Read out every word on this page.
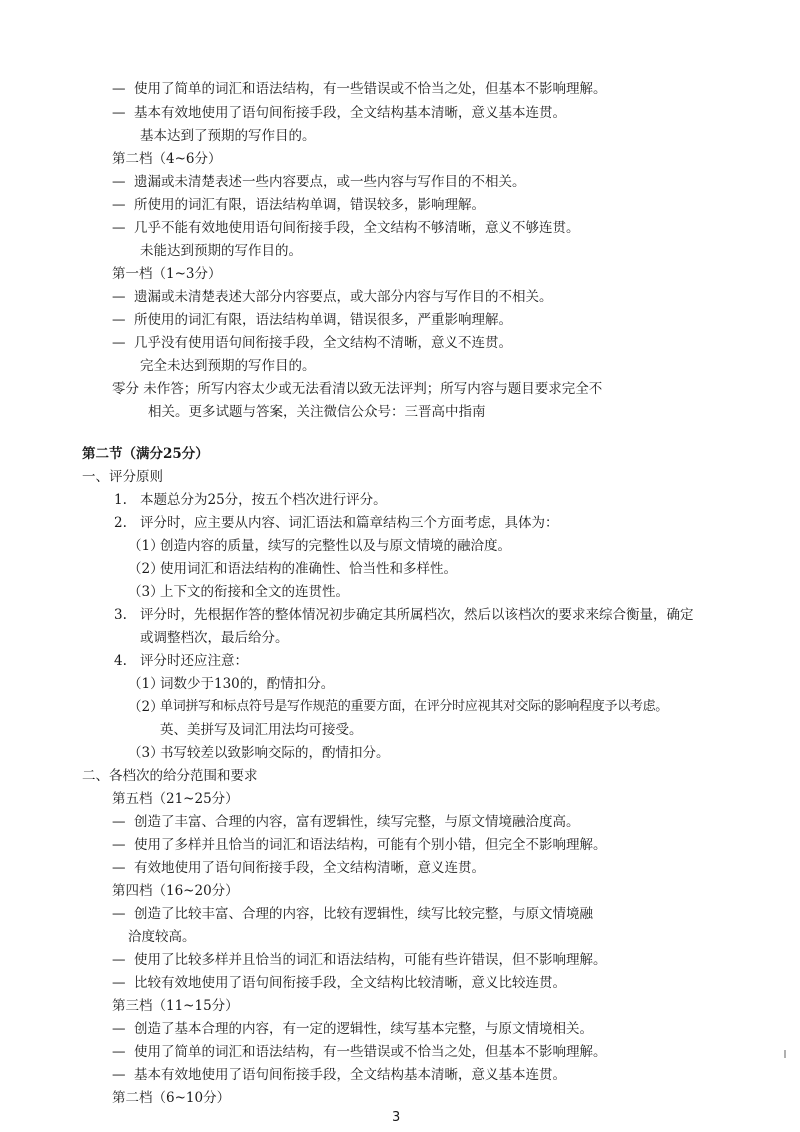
— 使用了简单的词汇和语法结构，有一些错误或不恰当之处，但基本不影响理解。
— 基本有效地使用了语句间衔接手段，全文结构基本清晰，意义基本连贯。
基本达到了预期的写作目的。
第二档（4~6分）
— 遗漏或未清楚表述一些内容要点，或一些内容与写作目的不相关。
— 所使用的词汇有限，语法结构单调，错误较多，影响理解。
— 几乎不能有效地使用语句间衔接手段，全文结构不够清晰，意义不够连贯。
未能达到预期的写作目的。
第一档（1~3分）
— 遗漏或未清楚表述大部分内容要点，或大部分内容与写作目的不相关。
— 所使用的词汇有限，语法结构单调，错误很多，严重影响理解。
— 几乎没有使用语句间衔接手段，全文结构不清晰，意义不连贯。
完全未达到预期的写作目的。
零分 未作答；所写内容太少或无法看清以致无法评判；所写内容与题目要求完全不
相关。更多试题与答案，关注微信公众号：三晋高中指南
第二节（满分25分）
一、评分原则
1. 本题总分为25分，按五个档次进行评分。
2. 评分时，应主要从内容、词汇语法和篇章结构三个方面考虑，具体为：
（1）
创造内容的质量，续写的完整性以及与原文情境的融洽度。
（2）
使用词汇和语法结构的准确性、恰当性和多样性。
（3）
上下文的衔接和全文的连贯性。
3. 评分时，先根据作答的整体情况初步确定其所属档次，然后以该档次的要求来综合衡量，确定
或调整档次，最后给分。
4. 评分时还应注意：
（1）
词数少于130的，酌情扣分。
（2）
单词拼写和标点符号是写作规范的重要方面，在评分时应视其对交际的影响程度予以考虑。
英、美拼写及词汇用法均可接受。
（3）
书写较差以致影响交际的，酌情扣分。
二、各档次的给分范围和要求
第五档（21~25分）
— 创造了丰富、合理的内容，富有逻辑性，续写完整，与原文情境融洽度高。
— 使用了多样并且恰当的词汇和语法结构，可能有个别小错，但完全不影响理解。
— 有效地使用了语句间衔接手段，全文结构清晰，意义连贯。
第四档（16~20分）
— 创造了比较丰富、合理的内容，比较有逻辑性，续写比较完整，与原文情境融
洽度较高。
— 使用了比较多样并且恰当的词汇和语法结构，可能有些许错误，但不影响理解。
— 比较有效地使用了语句间衔接手段，全文结构比较清晰，意义比较连贯。
第三档（11~15分）
— 创造了基本合理的内容，有一定的逻辑性，续写基本完整，与原文情境相关。
— 使用了简单的词汇和语法结构，有一些错误或不恰当之处，但基本不影响理解。
— 基本有效地使用了语句间衔接手段，全文结构基本清晰，意义基本连贯。
第二档（6~10分）
3
